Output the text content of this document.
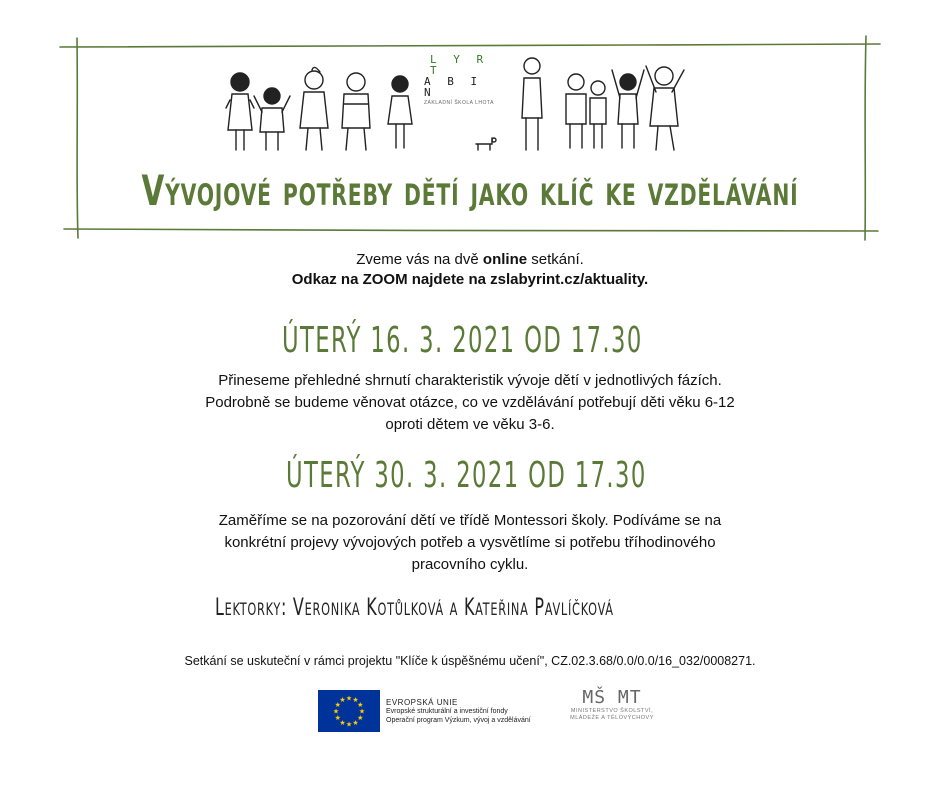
L Y R T
A B I N
ZÁKLADNÍ ŠKOLA LHOTA
Vývojové potřeby dětí jako klíč ke vzdělávání
Zveme vás na dvě online setkání.
Odkaz na ZOOM najdete na zslabyrint.cz/aktuality.
ÚTERÝ 16. 3. 2021 OD 17.30
Přineseme přehledné shrnutí charakteristik vývoje dětí v jednotlivých fázích.
Podrobně se budeme věnovat otázce, co ve vzdělávání potřebují děti věku 6-12
oproti dětem ve věku 3-6.
ÚTERÝ 30. 3. 2021 OD 17.30
Zaměříme se na pozorování dětí ve třídě Montessori školy. Podíváme se na
konkrétní projevy vývojových potřeb a vysvětlíme si potřebu tříhodinového
pracovního cyklu.
Lektorky: Veronika Kotůlková a Kateřina Pavlíčková
Setkání se uskuteční v rámci projektu "Klíče k úspěšnému učení", CZ.02.3.68/0.0/0.0/16_032/0008271.
★
★
★
★
★
★
★
★
★ ★ ★
★	EVROPSKÁ UNIE
Evropské strukturální a investiční fondy
Operační program Výzkum, vývoj a vzdělávání
MŠ MT
MINISTERSTVO ŠKOLSTVÍ,
MLÁDEŽE A TĚLOVÝCHOVY
